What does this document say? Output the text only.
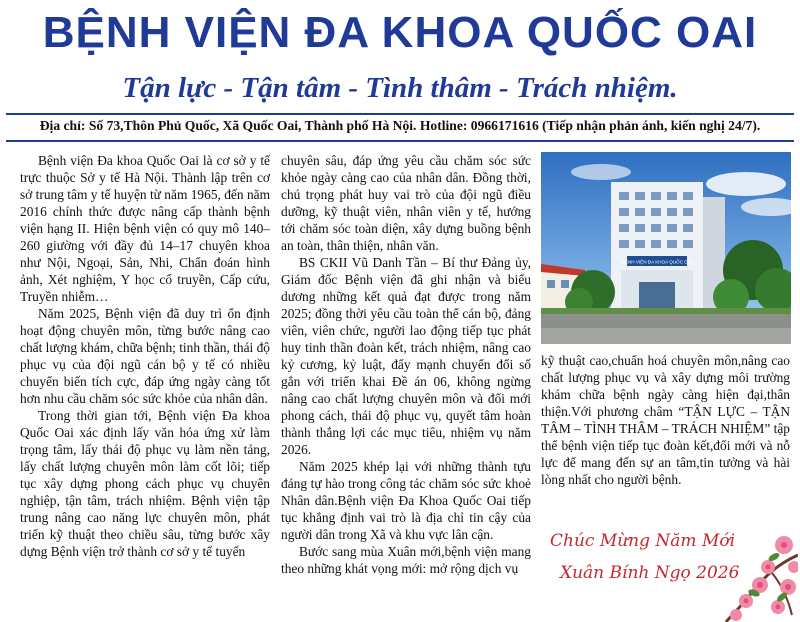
BỆNH VIỆN ĐA KHOA QUỐC OAI
Tận lực - Tận tâm - Tình thâm - Trách nhiệm.
Địa chỉ: Số 73,Thôn Phủ Quốc, Xã Quốc Oai, Thành phố Hà Nội. Hotline: 0966171616 (Tiếp nhận phản ánh, kiến nghị 24/7).

Bệnh viện Đa khoa Quốc Oai là cơ sở y tế trực thuộc Sở y tế Hà Nội. Thành lập trên cơ sở trung tâm y tế huyện từ năm 1965, đến năm 2016 chính thức được nâng cấp thành bệnh viện hạng II. Hiện bệnh viện có quy mô 140–260 giường với đầy đủ 14–17 chuyên khoa như Nội, Ngoại, Sản, Nhi, Chẩn đoán hình ảnh, Xét nghiệm, Y học cổ truyền, Cấp cứu, Truyền nhiễm…

Năm 2025, Bệnh viện đã duy trì ổn định hoạt động chuyên môn, từng bước nâng cao chất lượng khám, chữa bệnh; tinh thần, thái độ phục vụ của đội ngũ cán bộ y tế có nhiều chuyển biến tích cực, đáp ứng ngày càng tốt hơn nhu cầu chăm sóc sức khỏe của nhân dân.

Trong thời gian tới, Bệnh viện Đa khoa Quốc Oai xác định lấy văn hóa ứng xử làm trọng tâm, lấy thái độ phục vụ làm nền tảng, lấy chất lượng chuyên môn làm cốt lõi; tiếp tục xây dựng phong cách phục vụ chuyên nghiệp, tận tâm, trách nhiệm. Bệnh viện tập trung nâng cao năng lực chuyên môn, phát triển kỹ thuật theo chiều sâu, từng bước xây dựng Bệnh viện trở thành cơ sở y tế tuyến

chuyên sâu, đáp ứng yêu cầu chăm sóc sức khỏe ngày càng cao của nhân dân. Đồng thời, chú trọng phát huy vai trò của đội ngũ điều dưỡng, kỹ thuật viên, nhân viên y tế, hướng tới chăm sóc toàn diện, xây dựng buồng bệnh an toàn, thân thiện, nhân văn.

BS CKII Vũ Danh Tần – Bí thư Đảng ủy, Giám đốc Bệnh viện đã ghi nhận và biểu dương những kết quả đạt được trong năm 2025; đồng thời yêu cầu toàn thể cán bộ, đảng viên, viên chức, người lao động tiếp tục phát huy tinh thần đoàn kết, trách nhiệm, nâng cao kỷ cương, kỷ luật, đẩy mạnh chuyển đổi số gắn với triển khai Đề án 06, không ngừng nâng cao chất lượng chuyên môn và đổi mới phong cách, thái độ phục vụ, quyết tâm hoàn thành thắng lợi các mục tiêu, nhiệm vụ năm 2026.

Năm 2025 khép lại với những thành tựu đáng tự hào trong công tác chăm sóc sức khoẻ Nhân dân.Bệnh viện Đa Khoa Quốc Oai tiếp tục khẳng định vai trò là địa chỉ tin cậy của người dân trong Xã và khu vực lân cận.

Bước sang mùa Xuân mới,bệnh viện mang theo những khát vọng mới: mở rộng dịch vụ

BỆNH VIỆN ĐA KHOA QUỐC OAI

kỹ thuật cao,chuẩn hoá chuyên môn,nâng cao chất lượng phục vụ và xây dựng môi trường khám chữa bệnh ngày càng hiện đại,thân thiện.Với phương châm “TẬN LỰC – TẬN TÂM – TÌNH THÂM – TRÁCH NHIỆM” tập thể bệnh viện tiếp tục đoàn kết,đổi mới và nỗ lực để mang đến sự an tâm,tin tưởng và hài lòng nhất cho người bệnh.

Chúc Mừng Năm Mới
Xuân Bính Ngọ 2026
